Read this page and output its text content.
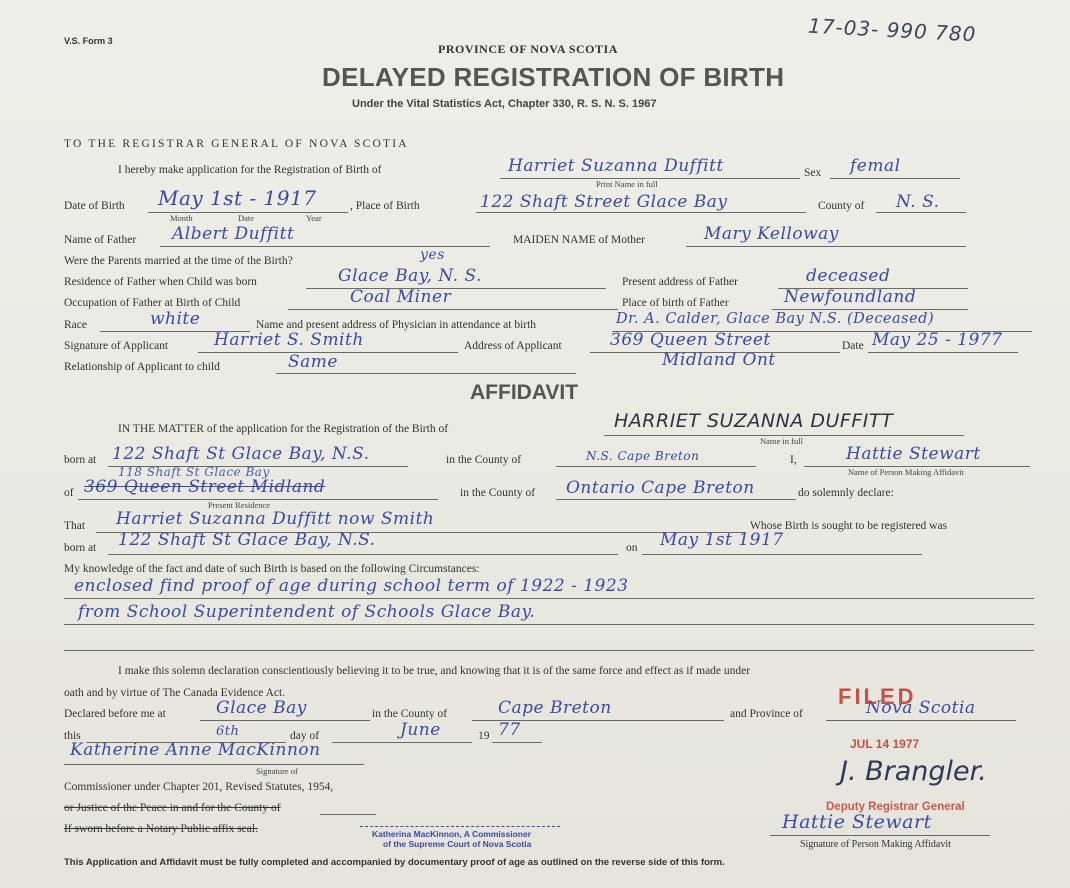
V.S. Form 3	17-03- 990 780
PROVINCE OF NOVA SCOTIA
DELAYED REGISTRATION OF BIRTH
Under the Vital Statistics Act, Chapter 330, R. S. N. S. 1967
TO THE REGISTRAR GENERAL OF NOVA SCOTIA
I hereby make application for the Registration of Birth of	Harriet Suzanna Duffitt	Sex femal
Print Name in full
Date of Birth May 1st - 1917
Month	Date	Year
, Place of Birth	122 Shaft Street Glace Bay	County of N. S.
Name of Father Albert Duffitt	MAIDEN NAME of Mother	Mary Kelloway
Were the Parents married at the time of the Birth?	yes
Residence of Father when Child was born	Glace Bay, N. S.	Present address of Father	deceased
Occupation of Father at Birth of Child	Coal Miner	Place of birth of Father	Newfoundland
Race	white	Name and present address of Physician in attendance at birth	Dr. A. Calder, Glace Bay N.S. (Deceased)
Signature of Applicant	Harriet S. Smith	Address of Applicant	369 Queen Street
Midland Ont
Date May 25 - 1977
Relationship of Applicant to child	Same
AFFIDAVIT
IN THE MATTER of the application for the Registration of the Birth of	HARRIET SUZANNA DUFFITT
Name in full
born at 122 Shaft St Glace Bay, N.S.	in the County of	N.S. Cape Breton	I,	Hattie Stewart
Name of Person Making Affidavit
118 Shaft St Glace Bay
of 369 Queen Street Midland
Present Residence
in the County of Ontario Cape Breton	do solemnly declare:
That Harriet Suzanna Duffitt now Smith	Whose Birth is sought to be registered was
born at 122 Shaft St Glace Bay, N.S.	on May 1st 1917
My knowledge of the fact and date of such Birth is based on the following Circumstances:
enclosed find proof of age during school term of 1922 - 1923
from School Superintendent of Schools Glace Bay.
I make this solemn declaration conscientiously believing it to be true, and knowing that it is of the same force and effect as if made under
oath and by virtue of The Canada Evidence Act.
Declared before me at	Glace Bay	in the County of	Cape Breton	and Province of	Nova Scotia
this	6th	day of	June	19 77
Katherine Anne MacKinnon
Signature of
Commissioner under Chapter 201, Revised Statutes, 1954,
or Justice of the Peace in and for the County of
If sworn before a Notary Public affix seal.	Katherina MacKinnon, A Commissioner
of the Supreme Court of Nova Scotia
FILED
JUL 14 1977
J. Brangler.
Deputy Registrar General
Hattie Stewart
Signature of Person Making Affidavit
This Application and Affidavit must be fully completed and accompanied by documentary proof of age as outlined on the reverse side of this form.
